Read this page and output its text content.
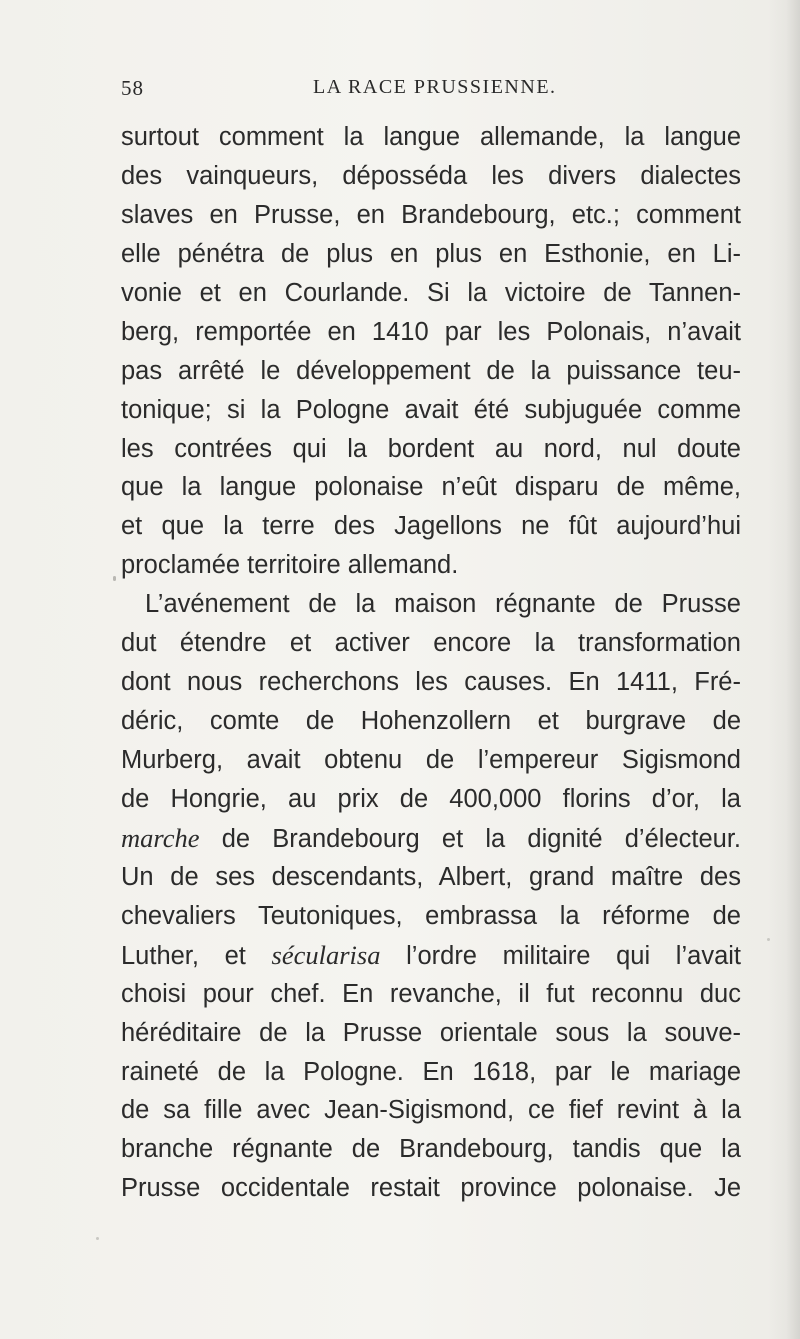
58	LA RACE PRUSSIENNE.
surtout comment la langue allemande, la langue
des vainqueurs, déposséda les divers dialectes
slaves en Prusse, en Brandebourg, etc.; comment
elle pénétra de plus en plus en Esthonie, en Li-
vonie et en Courlande. Si la victoire de Tannen-
berg, remportée en 1410 par les Polonais, n’avait
pas arrêté le développement de la puissance teu-
tonique; si la Pologne avait été subjuguée comme
les contrées qui la bordent au nord, nul doute
que la langue polonaise n’eût disparu de même,
et que la terre des Jagellons ne fût aujourd’hui
proclamée territoire allemand.
L’avénement de la maison régnante de Prusse
dut étendre et activer encore la transformation
dont nous recherchons les causes. En 1411, Fré-
déric, comte de Hohenzollern et burgrave de
Murberg, avait obtenu de l’empereur Sigismond
de Hongrie, au prix de 400,000 florins d’or, la
marche de Brandebourg et la dignité d’électeur.
Un de ses descendants, Albert, grand maître des
chevaliers Teutoniques, embrassa la réforme de
Luther, et sécularisa l’ordre militaire qui l’avait
choisi pour chef. En revanche, il fut reconnu duc
héréditaire de la Prusse orientale sous la souve-
raineté de la Pologne. En 1618, par le mariage
de sa fille avec Jean-Sigismond, ce fief revint à la
branche régnante de Brandebourg, tandis que la
Prusse occidentale restait province polonaise. Je
